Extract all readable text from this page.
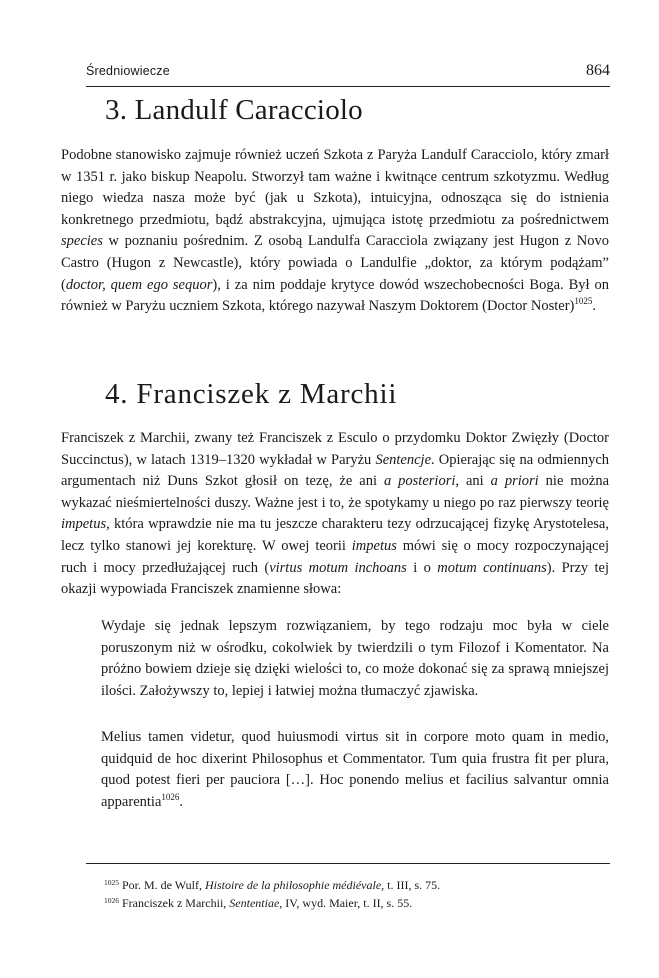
Średniowiecze	864
3. Landulf Caracciolo

Podobne stanowisko zajmuje również uczeń Szkota z Paryża Landulf Caracciolo, który zmarł w 1351 r. jako biskup Neapolu. Stworzył tam ważne i kwitnące centrum szkotyzmu. Według niego wiedza nasza może być (jak u Szkota), intuicyjna, odnosząca się do istnienia konkretnego przedmiotu, bądź abstrakcyjna, ujmująca istotę przedmiotu za pośrednictwem species w poznaniu pośrednim. Z osobą Landulfa Caracciola związany jest Hugon z Novo Castro (Hugon z Newcastle), który powiada o Landulfie „doktor, za którym podążam” (doctor, quem ego sequor), i za nim poddaje krytyce dowód wszechobecności Boga. Był on również w Paryżu uczniem Szkota, którego nazywał Naszym Doktorem (Doctor Noster)$^{1025}$.

4. Franciszek z Marchii

Franciszek z Marchii, zwany też Franciszek z Esculo o przydomku Doktor Zwięzły (Doctor Succinctus), w latach 1319–1320 wykładał w Paryżu Sentencje. Opierając się na odmiennych argumentach niż Duns Szkot głosił on tezę, że ani a posteriori, ani a priori nie można wykazać nieśmiertelności duszy. Ważne jest i to, że spotykamy u niego po raz pierwszy teorię impetus, która wprawdzie nie ma tu jeszcze charakteru tezy odrzucającej fizykę Arystotelesa, lecz tylko stanowi jej korekturę. W owej teorii impetus mówi się o mocy rozpoczynającej ruch i mocy przedłużającej ruch (virtus motum inchoans i o motum continuans). Przy tej okazji wypowiada Franciszek znamienne słowa:

Wydaje się jednak lepszym rozwiązaniem, by tego rodzaju moc była w ciele poruszonym niż w ośrodku, cokolwiek by twierdzili o tym Filozof i Komentator. Na próżno bowiem dzieje się dzięki wielości to, co może dokonać się za sprawą mniejszej ilości. Założywszy to, lepiej i łatwiej można tłumaczyć zjawiska.

Melius tamen videtur, quod huiusmodi virtus sit in corpore moto quam in medio, quidquid de hoc dixerint Philosophus et Commentator. Tum quia frustra fit per plura, quod potest fieri per pauciora […]. Hoc ponendo melius et facilius salvantur omnia apparentia$^{1026}$.

$^{1025}$ Por. M. de Wulf, Histoire de la philosophie médiévale, t. III, s. 75.

$^{1026}$ Franciszek z Marchii, Sententiae, IV, wyd. Maier, t. II, s. 55.
